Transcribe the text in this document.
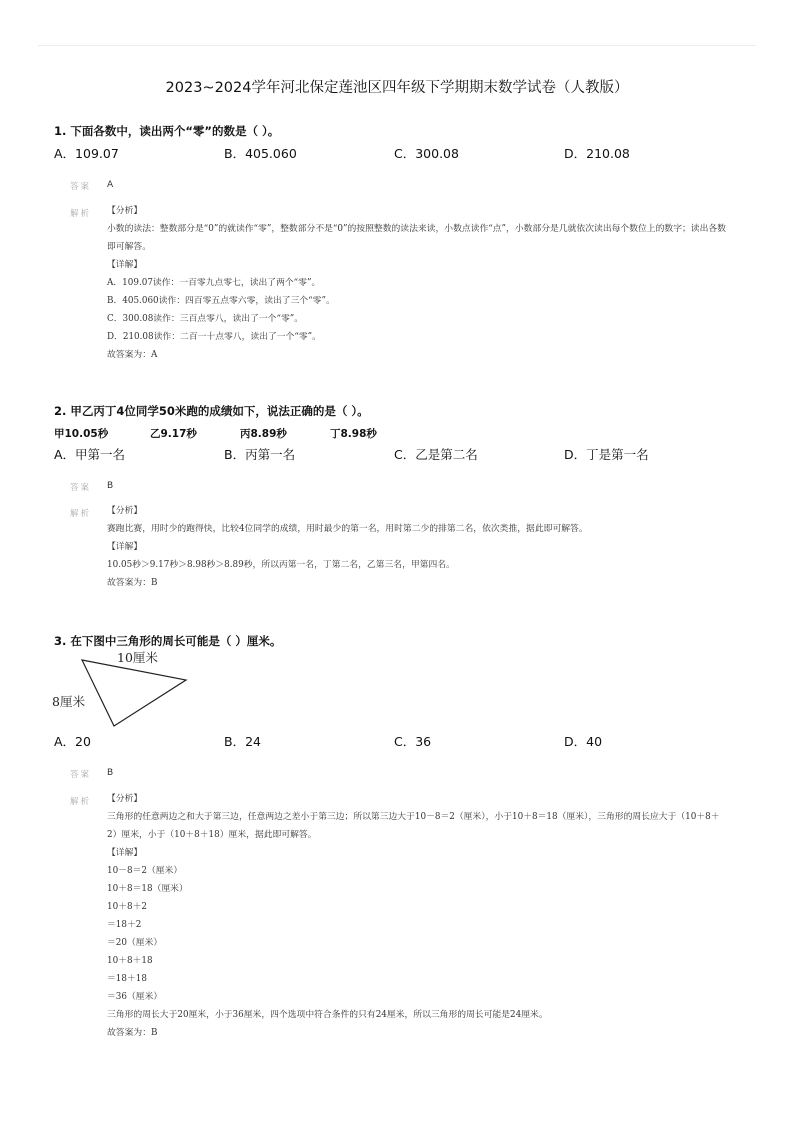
2023~2024学年河北保定莲池区四年级下学期期末数学试卷（人教版）
1. 下面各数中，读出两个“零”的数是（ ）。
A．109.07	B．405.060	C．300.08	D．210.08
答案 A
解析 【分析】
小数的读法：整数部分是“0”的就读作“零”，整数部分不是“0”的按照整数的读法来读，小数点读作“点”，小数部分是几就依次读出每个数位上的数字；读出各数即可解答。
【详解】
A．109.07读作：一百零九点零七，读出了两个“零”。
B．405.060读作：四百零五点零六零，读出了三个“零”。
C．300.08读作：三百点零八，读出了一个“零”。
D．210.08读作：二百一十点零八，读出了一个“零”。
故答案为：A
2. 甲乙丙丁4位同学50米跑的成绩如下，说法正确的是（ ）。
甲10.05秒	乙9.17秒	丙8.89秒	丁8.98秒
A．甲第一名	B．丙第一名	C．乙是第二名	D．丁是第一名
答案 B
解析 【分析】
赛跑比赛，用时少的跑得快，比较4位同学的成绩，用时最少的第一名，用时第二少的排第二名，依次类推，据此即可解答。
【详解】
10.05秒＞9.17秒＞8.98秒＞8.89秒，所以丙第一名，丁第二名，乙第三名，甲第四名。
故答案为：B
3. 在下图中三角形的周长可能是（ ）厘米。
10厘米
8厘米
A．20	B．24	C．36	D．40
答案 B
解析 【分析】
三角形的任意两边之和大于第三边，任意两边之差小于第三边；所以第三边大于10－8＝2（厘米），小于10＋8＝18（厘米），三角形的周长应大于（10＋8＋2）厘米，小于（10＋8＋18）厘米，据此即可解答。
【详解】
10－8＝2（厘米）
10＋8＝18（厘米）
10＋8＋2
＝18＋2
＝20（厘米）
10＋8＋18
＝18＋18
＝36（厘米）
三角形的周长大于20厘米，小于36厘米，四个选项中符合条件的只有24厘米，所以三角形的周长可能是24厘米。
故答案为：B
